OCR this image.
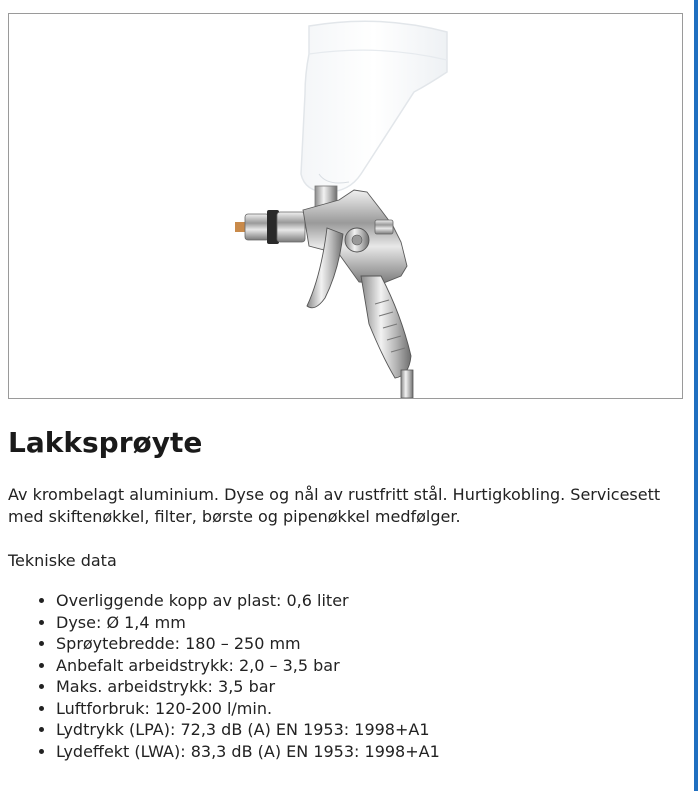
Lakksprøyte

Av krombelagt aluminium. Dyse og nål av rustfritt stål. Hurtigkobling. Servicesett med skiftenøkkel, filter, børste og pipenøkkel medfølger.

Tekniske data

• Overliggende kopp av plast: 0,6 liter
• Dyse: Ø 1,4 mm
• Sprøytebredde: 180 – 250 mm
• Anbefalt arbeidstrykk: 2,0 – 3,5 bar
• Maks. arbeidstrykk: 3,5 bar
• Luftforbruk: 120-200 l/min.
• Lydtrykk (LPA): 72,3 dB (A) EN 1953: 1998+A1
• Lydeffekt (LWA): 83,3 dB (A) EN 1953: 1998+A1
